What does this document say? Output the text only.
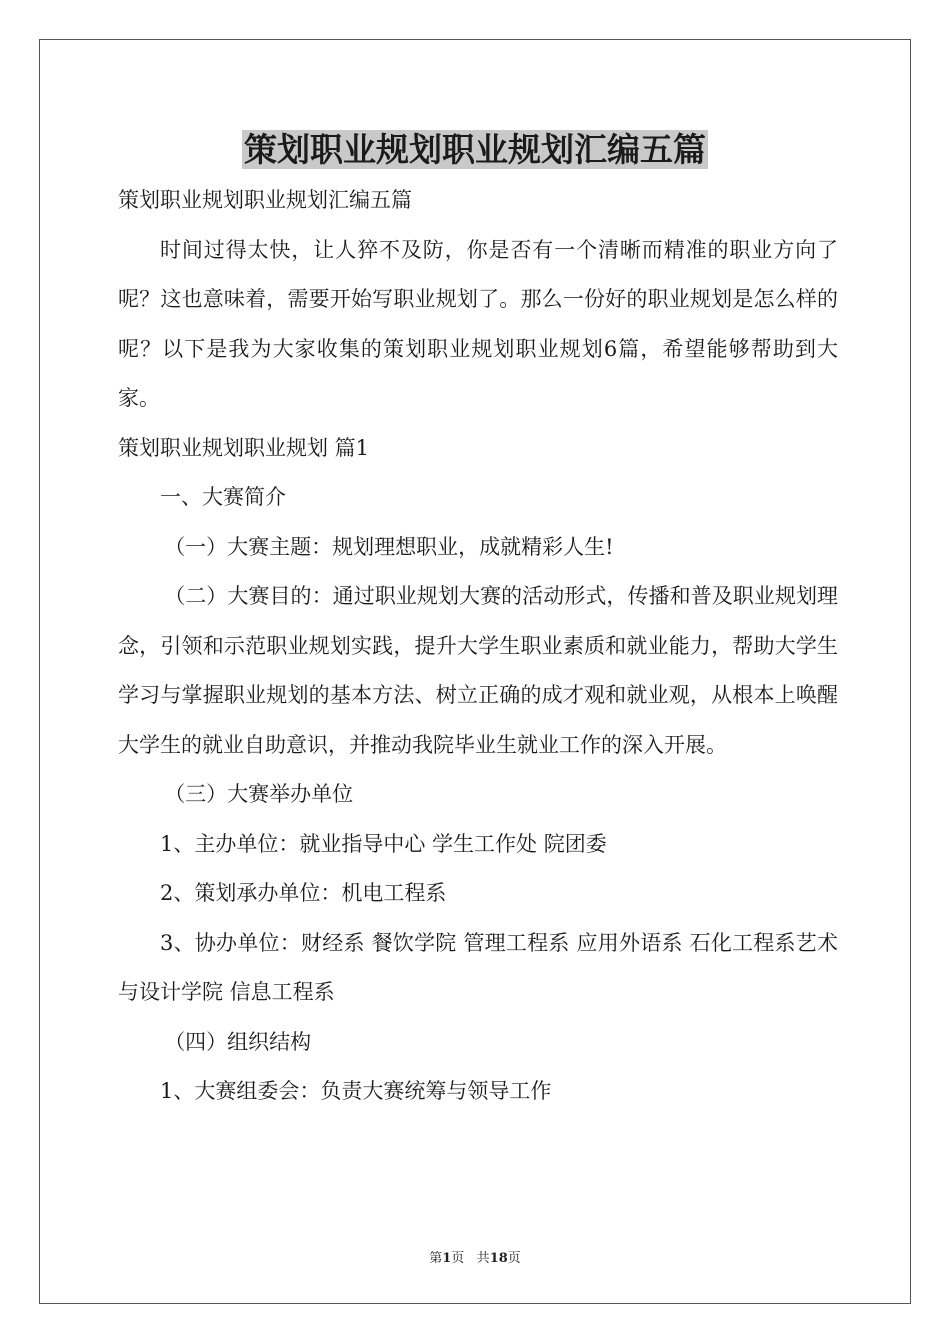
策划职业规划职业规划汇编五篇

策划职业规划职业规划汇编五篇

时间过得太快，让人猝不及防，你是否有一个清晰而精准的职业方向了呢？这也意味着，需要开始写职业规划了。那么一份好的职业规划是怎么样的呢？以下是我为大家收集的策划职业规划职业规划6篇，希望能够帮助到大家。

策划职业规划职业规划 篇1

一、大赛简介

（一）大赛主题：规划理想职业，成就精彩人生!

（二）大赛目的：通过职业规划大赛的活动形式，传播和普及职业规划理念，引领和示范职业规划实践，提升大学生职业素质和就业能力，帮助大学生学习与掌握职业规划的基本方法、树立正确的成才观和就业观，从根本上唤醒大学生的就业自助意识，并推动我院毕业生就业工作的深入开展。

（三）大赛举办单位

1、主办单位：就业指导中心 学生工作处 院团委

2、策划承办单位：机电工程系

3、协办单位：财经系 餐饮学院 管理工程系 应用外语系 石化工程系艺术与设计学院 信息工程系

（四）组织结构

1、大赛组委会：负责大赛统筹与领导工作

第1页 共18页
